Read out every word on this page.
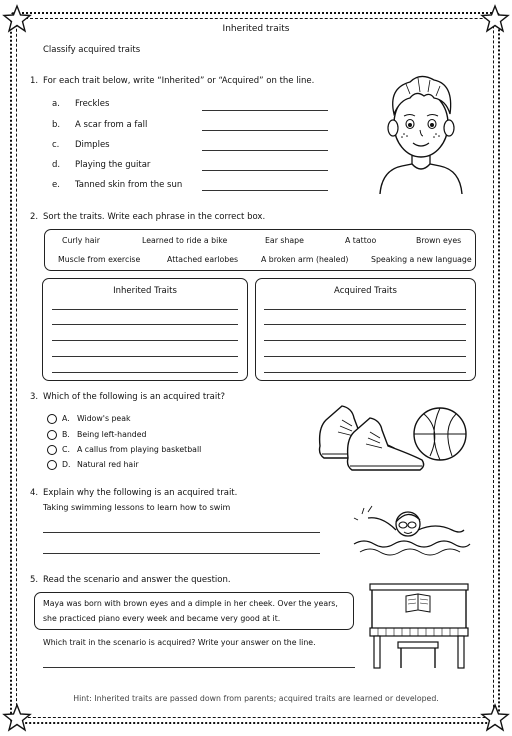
Inherited traits
Classify acquired traits
1. For each trait below, write “Inherited” or “Acquired” on the line.
a. Freckles
b. A scar from a fall
c. Dimples
d. Playing the guitar
e. Tanned skin from the sun
2. Sort the traits. Write each phrase in the correct box.
Curly hair	Learned to ride a bike	Ear shape	A tattoo	Brown eyes
Muscle from exercise	Attached earlobes	A broken arm (healed)	Speaking a new language
Inherited Traits	Acquired Traits
3. Which of the following is an acquired trait?
A. Widow's peak
B. Being left-handed
C. A callus from playing basketball
D. Natural red hair
4. Explain why the following is an acquired trait.
Taking swimming lessons to learn how to swim
5. Read the scenario and answer the question.
Maya was born with brown eyes and a dimple in her cheek. Over the years,
she practiced piano every week and became very good at it.
Which trait in the scenario is acquired? Write your answer on the line.
Hint: Inherited traits are passed down from parents; acquired traits are learned or developed.
